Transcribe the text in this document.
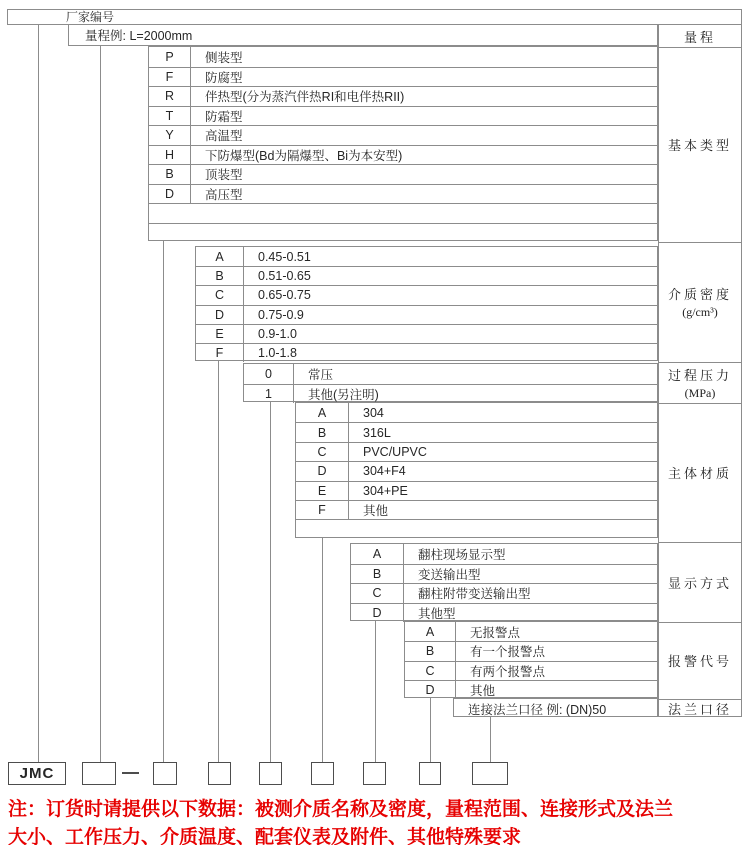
厂家编号
量程例: L=2000mm	量程
基本类型
介质密度
(g/cm³)
过程压力
(MPa)
主体材质
显示方式
报警代号
法兰口径
P	侧装型
F	防腐型
R	伴热型(分为蒸汽伴热RI和电伴热RII)
T	防霜型
Y	高温型
H	下防爆型(Bd为隔爆型、Bi为本安型)
B	顶装型
D	高压型
A	0.45-0.51
B	0.51-0.65
C	0.65-0.75
D	0.75-0.9
E	0.9-1.0
F	1.0-1.8
0	常压
1	其他(另注明)
A	304
B	316L
C	PVC/UPVC
D	304+F4
E	304+PE
F	其他
A	翻柱现场显示型
B	变送输出型
C	翻柱附带变送输出型
D	其他型
A	无报警点
B	有一个报警点
C	有两个报警点
D	其他
连接法兰口径 例: (DN)50
JMC
注：订货时请提供以下数据：被测介质名称及密度，量程范围、连接形式及法兰
大小、工作压力、介质温度、配套仪表及附件、其他特殊要求
